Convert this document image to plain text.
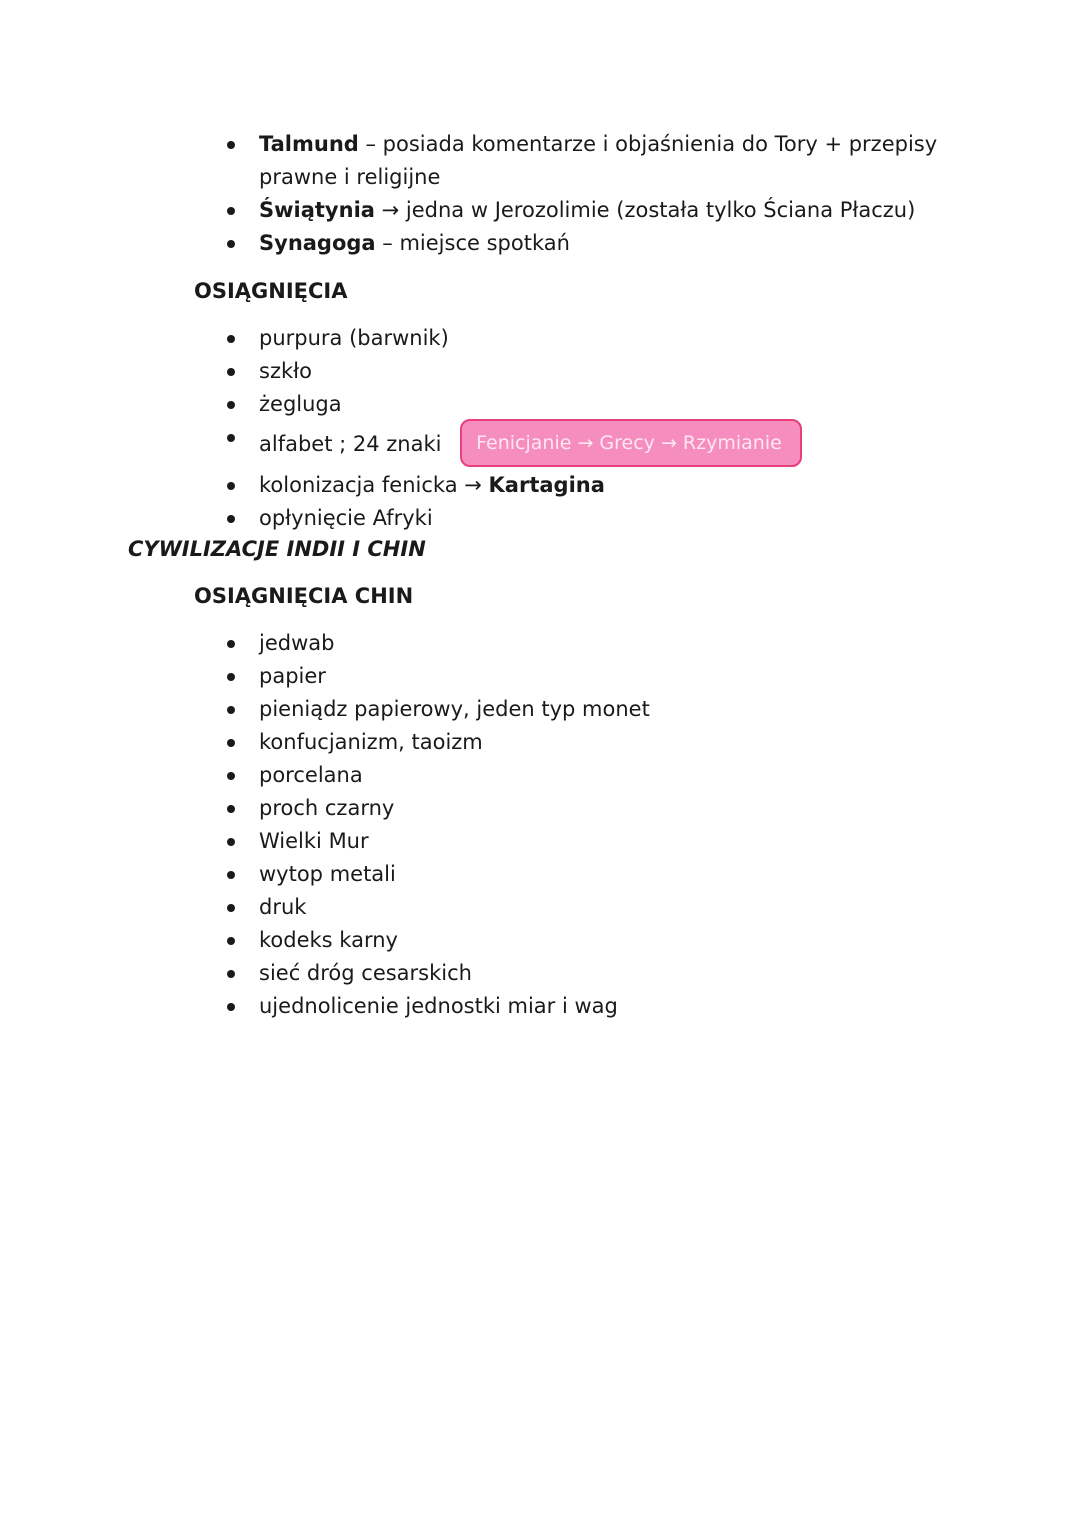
Talmund – posiada komentarze i objaśnienia do Tory + przepisy
prawne i religijne
Świątynia → jedna w Jerozolimie (została tylko Ściana Płaczu)
Synagoga – miejsce spotkań
OSIĄGNIĘCIA
purpura (barwnik)
szkło
żegluga
alfabet ; 24 znaki Fenicjanie → Grecy → Rzymianie
kolonizacja fenicka → Kartagina
opłynięcie Afryki
CYWILIZACJE INDII I CHIN
OSIĄGNIĘCIA CHIN
jedwab
papier
pieniądz papierowy, jeden typ monet
konfucjanizm, taoizm
porcelana
proch czarny
Wielki Mur
wytop metali
druk
kodeks karny
sieć dróg cesarskich
ujednolicenie jednostki miar i wag
